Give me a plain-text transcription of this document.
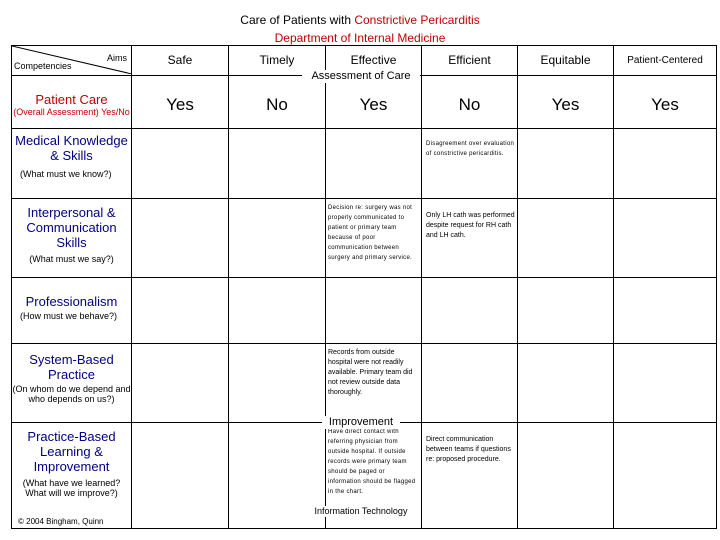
Care of Patients with Constrictive Pericarditis
Department of Internal Medicine
Aims
Competencies	Safe	Timely	Effective	Efficient	Equitable	Patient-Centered

Patient Care
(Overall Assessment) Yes/No	Yes	No	Yes	No	Yes	Yes

Medical Knowledge & Skills
(What must we know?)				Disagreement over evaluation of constrictive pericarditis.		

Interpersonal & Communication Skills
(What must we say?)			Decision re: surgery was not properly communicated to patient or primary team because of poor communication between surgery and primary service.	Only LH cath was performed despite request for RH cath and LH cath.		

Professionalism
(How must we behave?)						

System-Based Practice
(On whom do we depend and who depends on us?)			Records from outside hospital were not readily available. Primary team did not review outside data thoroughly.			

Practice-Based Learning & Improvement
(What have we learned? What will we improve?)
© 2004 Bingham, Quinn			Have direct contact with referring physician from outside hospital. If outside records were primary team should be paged or information should be flagged in the chart.	Direct communication between teams if questions re: proposed procedure.		

Assessment of Care
Improvement
Information Technology
